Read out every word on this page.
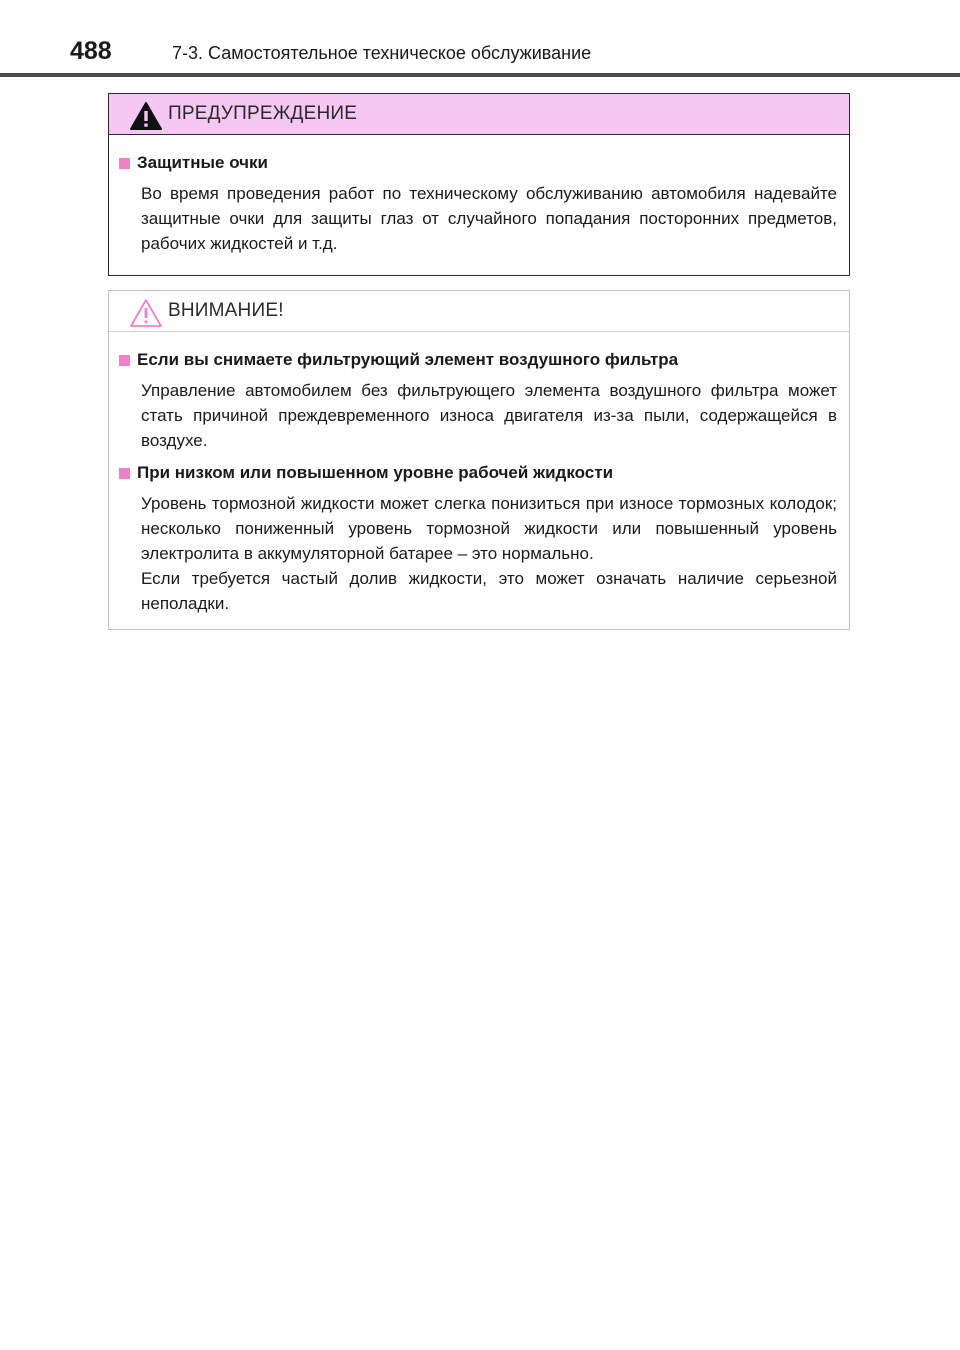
488	7-3. Самостоятельное техническое обслуживание
ПРЕДУПРЕЖДЕНИЕ
Защитные очки
Во время проведения работ по техническому обслуживанию автомобиля надевайте защитные очки для защиты глаз от случайного попадания посторонних предметов, рабочих жидкостей и т.д.
ВНИМАНИЕ!
Если вы снимаете фильтрующий элемент воздушного фильтра
Управление автомобилем без фильтрующего элемента воздушного фильтра может стать причиной преждевременного износа двигателя из-за пыли, содержащейся в воздухе.
При низком или повышенном уровне рабочей жидкости
Уровень тормозной жидкости может слегка понизиться при износе тормозных колодок; несколько пониженный уровень тормозной жидкости или повышенный уровень электролита в аккумуляторной батарее – это нормально.
Если требуется частый долив жидкости, это может означать наличие серьезной неполадки.
